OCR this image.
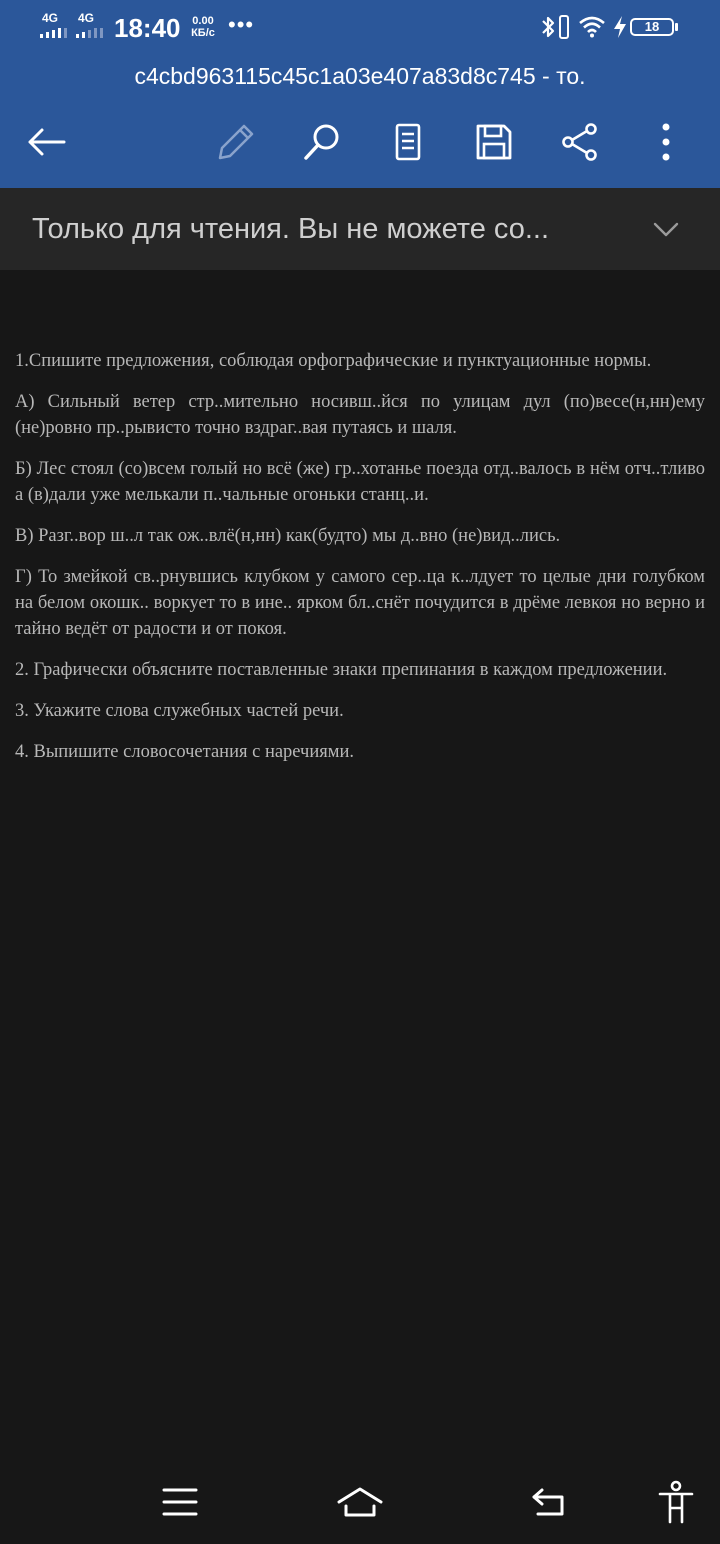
4G 4G 18:40	0.00
КБ/с •••	18
c4cbd963115c45c1a03e407a83d8c745 - то.
Только для чтения. Вы не можете со...

1.Спишите предложения, соблюдая орфографические и пунктуационные нормы.

А) Сильный ветер стр..мительно носивш..йся по улицам дул (по)весе(н,нн)ему (не)ровно пр..рывисто точно вздраг..вая путаясь и шаля.

Б) Лес стоял (со)всем голый но всё (же) гр..хотанье поезда отд..валось в нём отч..тливо а (в)дали уже мелькали п..чальные огоньки станц..и.

В) Разг..вор ш..л так ож..влё(н,нн) как(будто) мы д..вно (не)вид..лись.

Г) То змейкой св..рнувшись клубком у самого сер..ца к..лдует то целые дни голубком на белом окошк.. воркует то в ине.. ярком бл..снёт почудится в дрёме левкоя но верно и тайно ведёт от радости и от покоя.

2. Графически объясните поставленные знаки препинания в каждом предложении.

3. Укажите слова служебных частей речи.

4. Выпишите словосочетания с наречиями.
